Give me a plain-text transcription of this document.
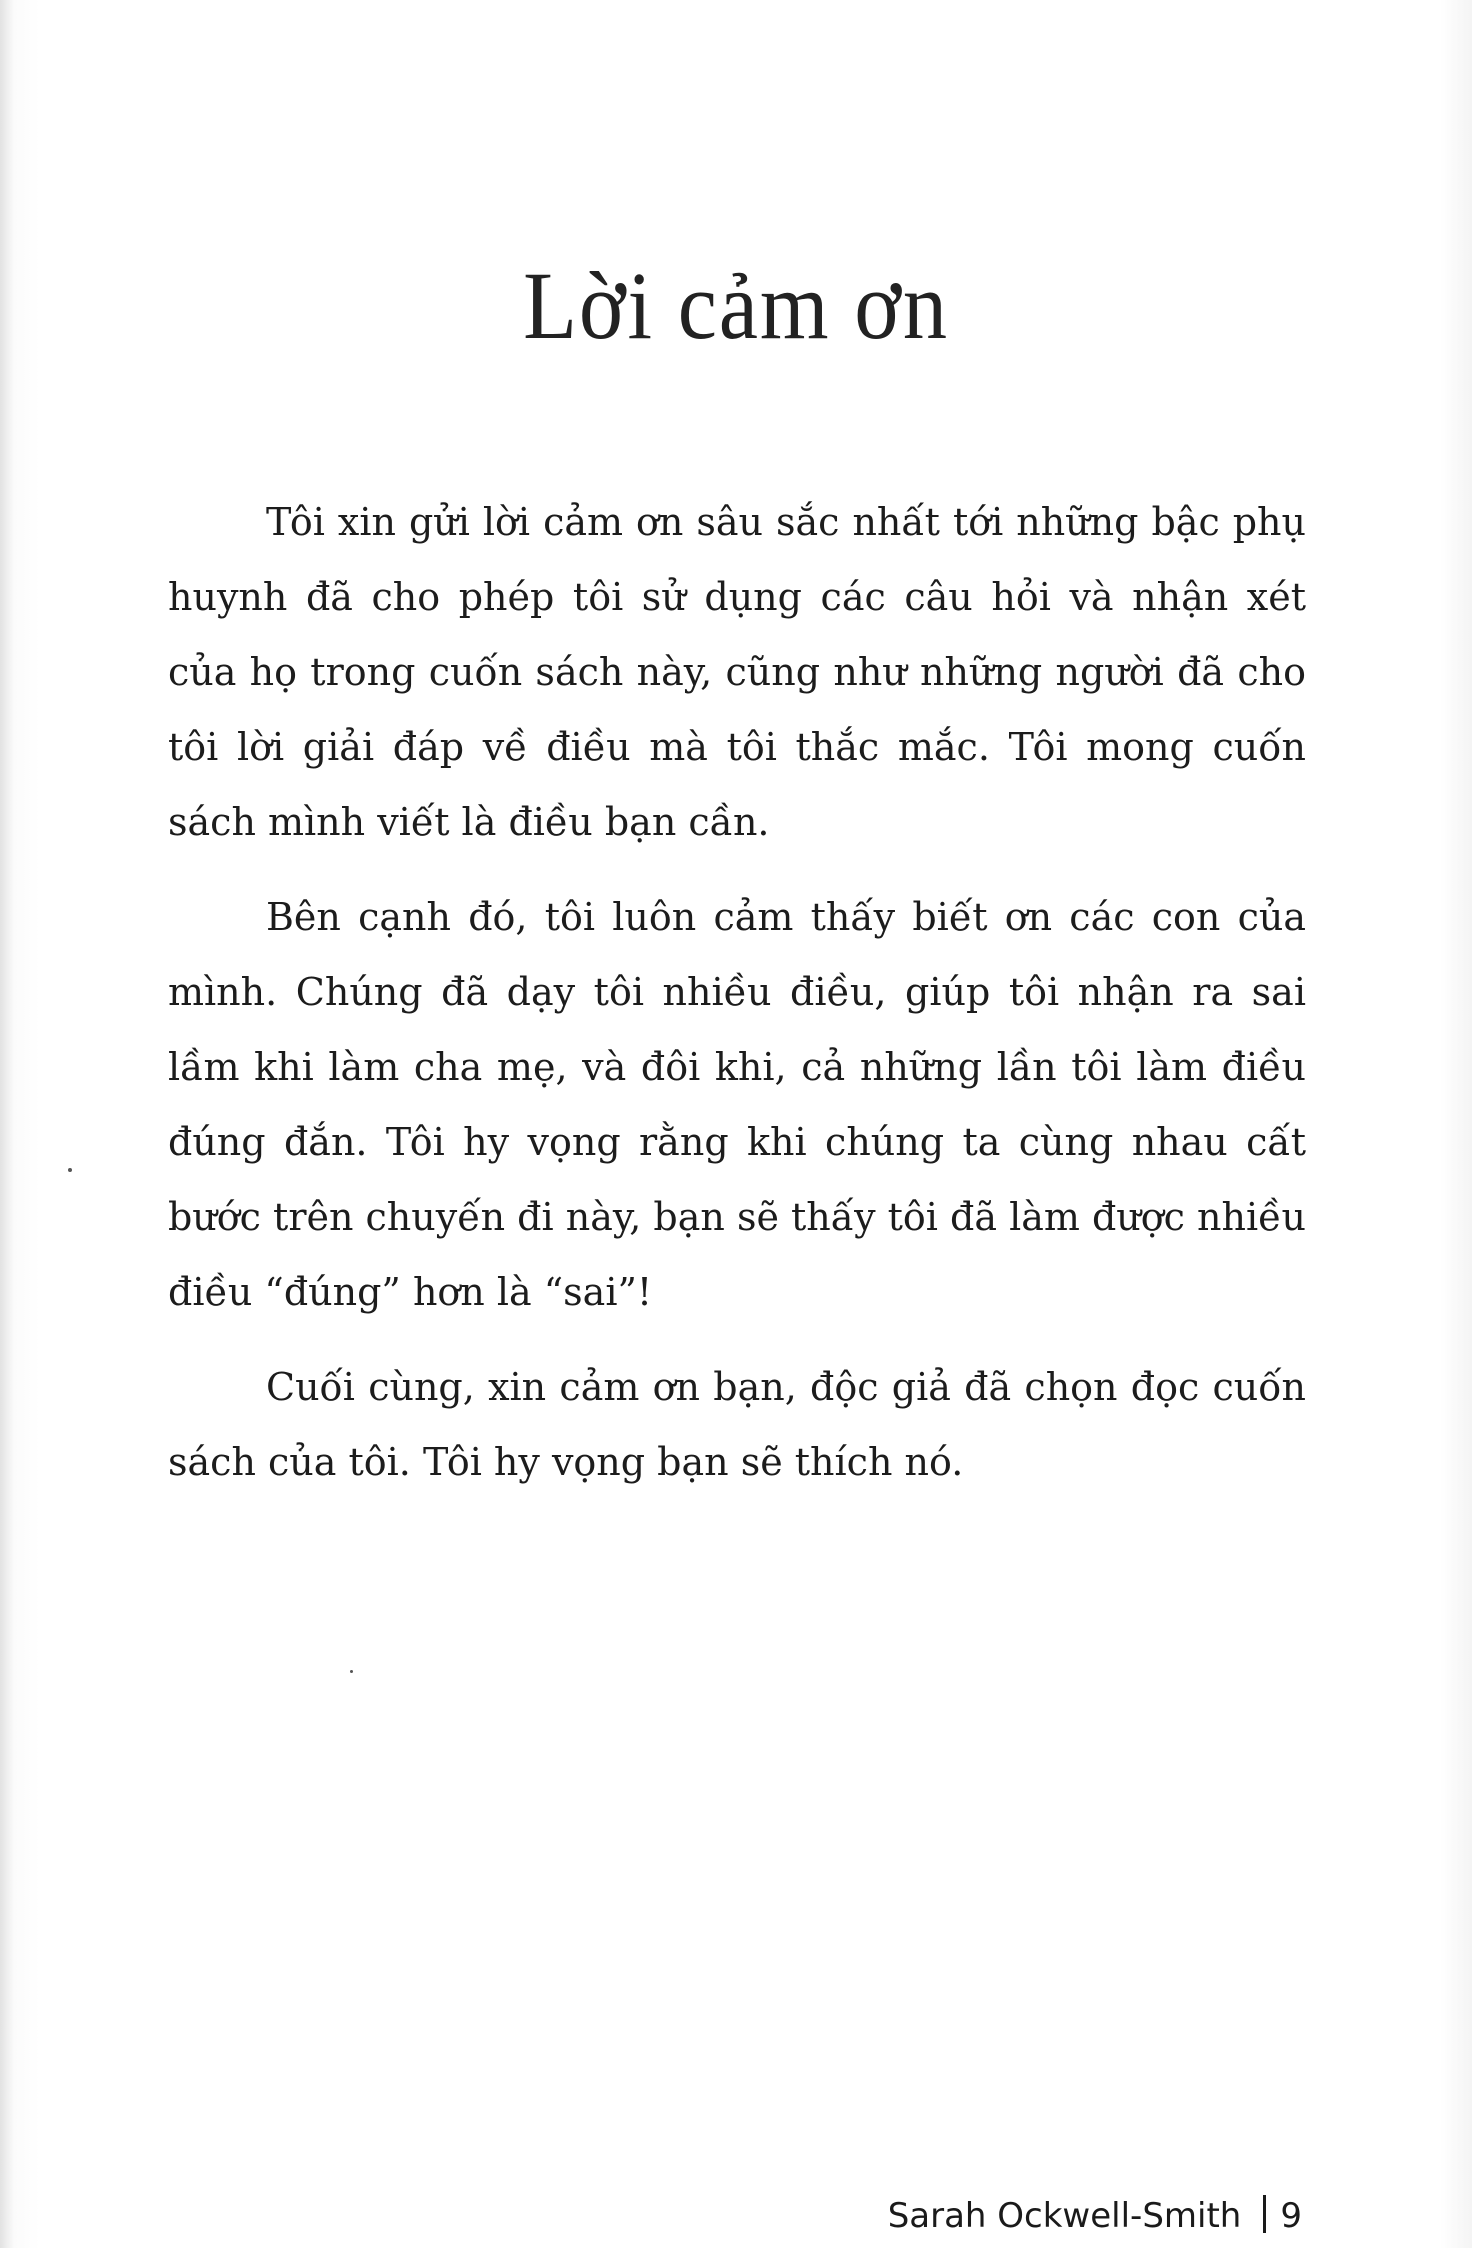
Lời cảm ơn

Tôi xin gửi lời cảm ơn sâu sắc nhất tới những bậc phụ huynh đã cho phép tôi sử dụng các câu hỏi và nhận xét của họ trong cuốn sách này, cũng như những người đã cho tôi lời giải đáp về điều mà tôi thắc mắc. Tôi mong cuốn sách mình viết là điều bạn cần.

Bên cạnh đó, tôi luôn cảm thấy biết ơn các con của mình. Chúng đã dạy tôi nhiều điều, giúp tôi nhận ra sai lầm khi làm cha mẹ, và đôi khi, cả những lần tôi làm điều đúng đắn. Tôi hy vọng rằng khi chúng ta cùng nhau cất bước trên chuyến đi này, bạn sẽ thấy tôi đã làm được nhiều điều “đúng” hơn là “sai”!

Cuối cùng, xin cảm ơn bạn, độc giả đã chọn đọc cuốn sách của tôi. Tôi hy vọng bạn sẽ thích nó.

Sarah Ockwell-Smith 9
